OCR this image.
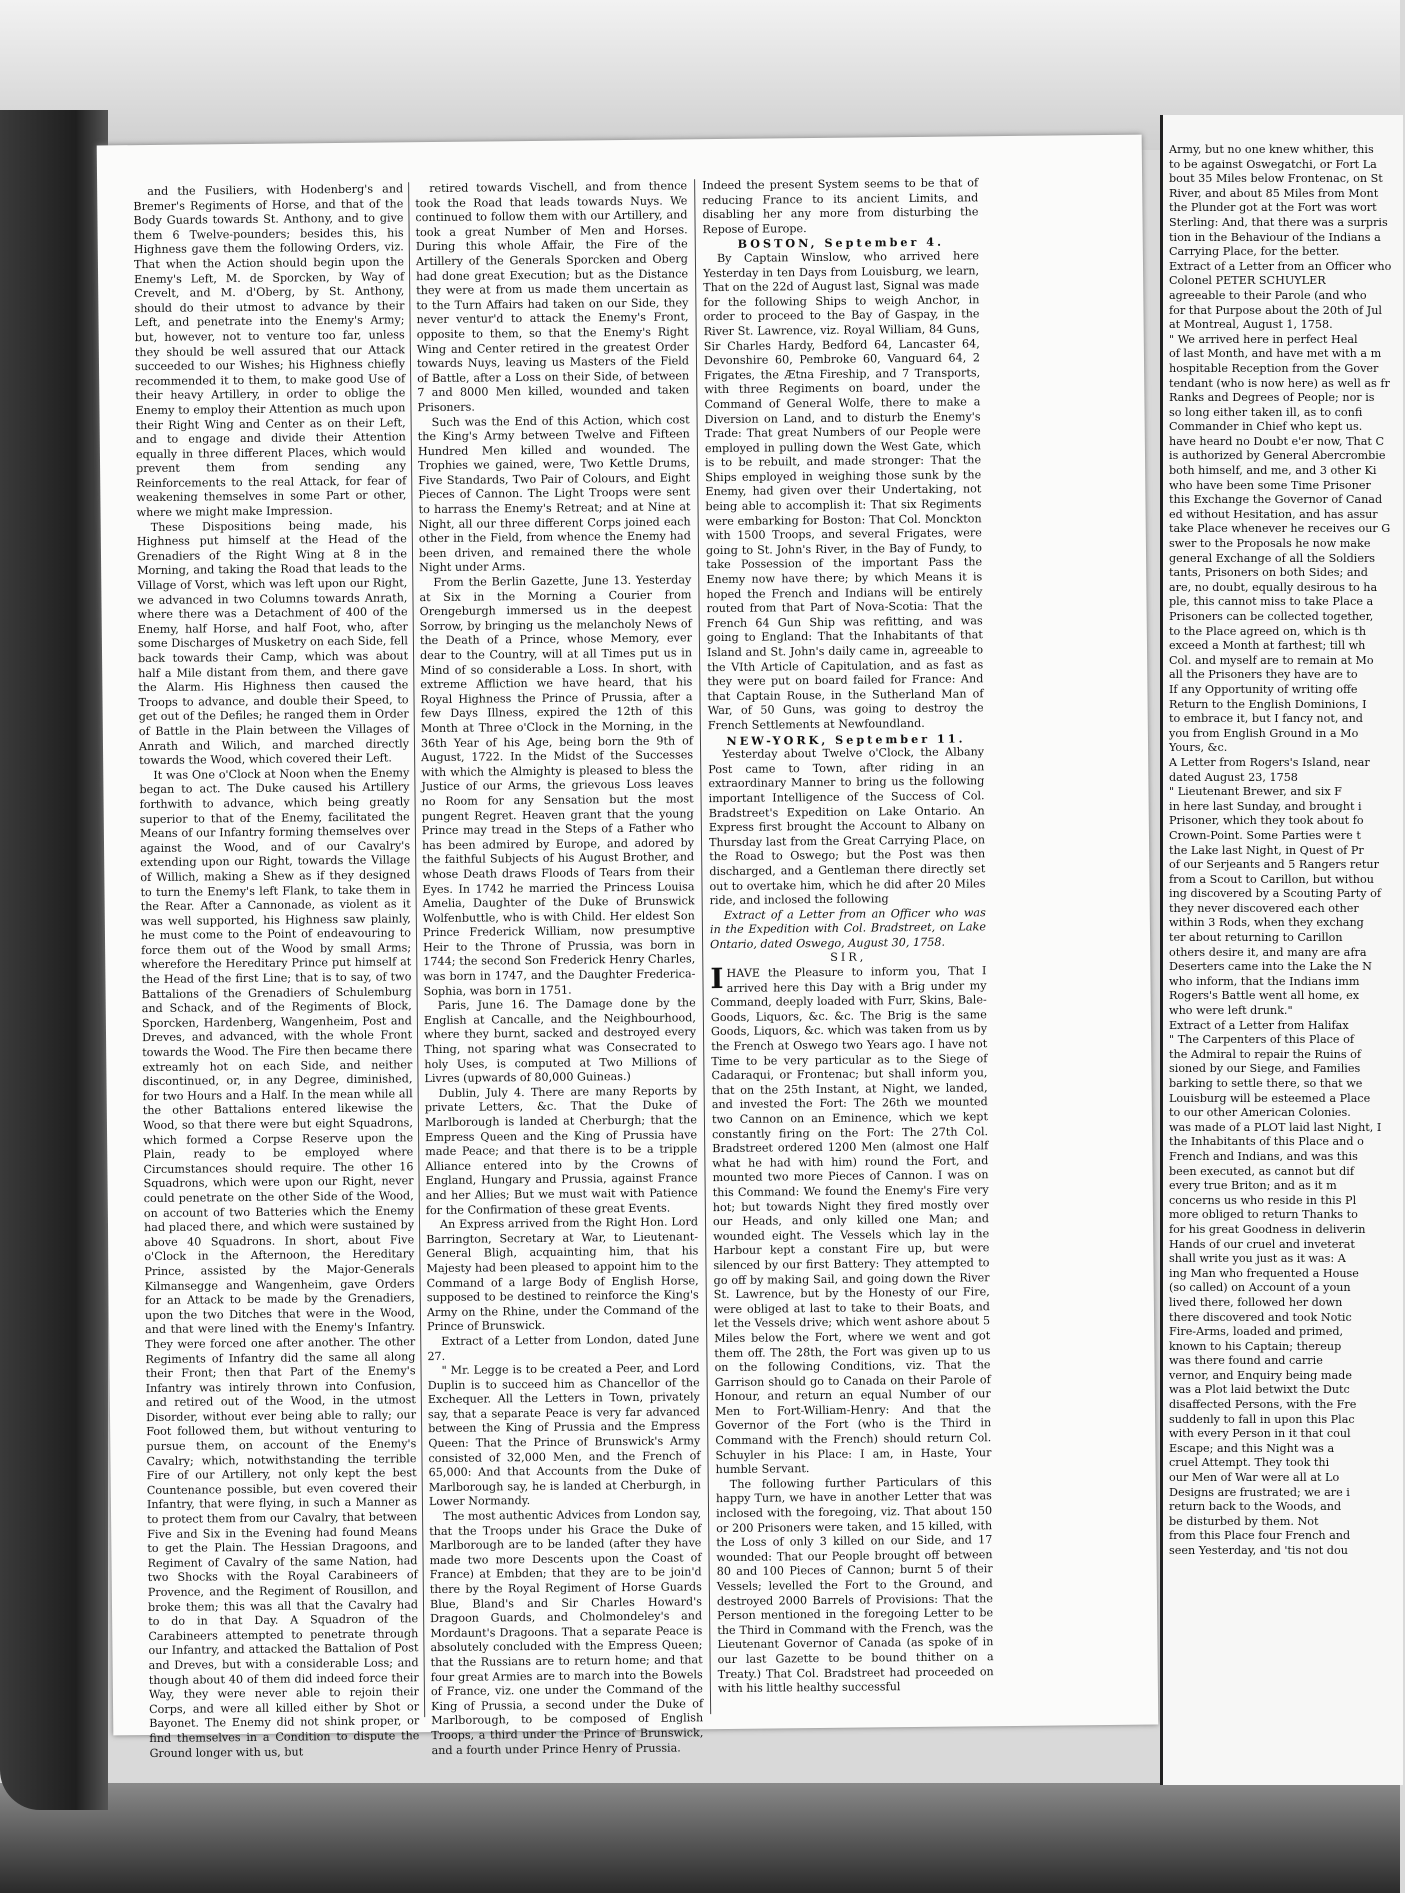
and the Fusiliers, with Hodenberg's and Bremer's Regiments of Horse, and that of the Body Guards towards St. Anthony, and to give them 6 Twelve-pounders; besides this, his Highness gave them the following Orders, viz. That when the Action should begin upon the Enemy's Left, M. de Sporcken, by Way of Crevelt, and M. d'Oberg, by St. Anthony, should do their utmost to advance by their Left, and penetrate into the Enemy's Army; but, however, not to venture too far, unless they should be well assured that our Attack succeeded to our Wishes; his Highness chiefly recommended it to them, to make good Use of their heavy Artillery, in order to oblige the Enemy to employ their Attention as much upon their Right Wing and Center as on their Left, and to engage and divide their Attention equally in three different Places, which would prevent them from sending any Reinforcements to the real Attack, for fear of weakening themselves in some Part or other, where we might make Impression.

These Dispositions being made, his Highness put himself at the Head of the Grenadiers of the Right Wing at 8 in the Morning, and taking the Road that leads to the Village of Vorst, which was left upon our Right, we advanced in two Columns towards Anrath, where there was a Detachment of 400 of the Enemy, half Horse, and half Foot, who, after some Discharges of Musketry on each Side, fell back towards their Camp, which was about half a Mile distant from them, and there gave the Alarm. His Highness then caused the Troops to advance, and double their Speed, to get out of the Defiles; he ranged them in Order of Battle in the Plain between the Villages of Anrath and Wilich, and marched directly towards the Wood, which covered their Left.

It was One o'Clock at Noon when the Enemy began to act. The Duke caused his Artillery forthwith to advance, which being greatly superior to that of the Enemy, facilitated the Means of our Infantry forming themselves over against the Wood, and of our Cavalry's extending upon our Right, towards the Village of Willich, making a Shew as if they designed to turn the Enemy's left Flank, to take them in the Rear. After a Cannonade, as violent as it was well supported, his Highness saw plainly, he must come to the Point of endeavouring to force them out of the Wood by small Arms; wherefore the Hereditary Prince put himself at the Head of the first Line; that is to say, of two Battalions of the Grenadiers of Schulemburg and Schack, and of the Regiments of Block, Sporcken, Hardenberg, Wangenheim, Post and Dreves, and advanced, with the whole Front towards the Wood. The Fire then became there extreamly hot on each Side, and neither discontinued, or, in any Degree, diminished, for two Hours and a Half. In the mean while all the other Battalions entered likewise the Wood, so that there were but eight Squadrons, which formed a Corpse Reserve upon the Plain, ready to be employed where Circumstances should require. The other 16 Squadrons, which were upon our Right, never could penetrate on the other Side of the Wood, on account of two Batteries which the Enemy had placed there, and which were sustained by above 40 Squadrons. In short, about Five o'Clock in the Afternoon, the Hereditary Prince, assisted by the Major-Generals Kilmansegge and Wangenheim, gave Orders for an Attack to be made by the Grenadiers, upon the two Ditches that were in the Wood, and that were lined with the Enemy's Infantry. They were forced one after another. The other Regiments of Infantry did the same all along their Front; then that Part of the Enemy's Infantry was intirely thrown into Confusion, and retired out of the Wood, in the utmost Disorder, without ever being able to rally; our Foot followed them, but without venturing to pursue them, on account of the Enemy's Cavalry; which, notwithstanding the terrible Fire of our Artillery, not only kept the best Countenance possible, but even covered their Infantry, that were flying, in such a Manner as to protect them from our Cavalry, that between Five and Six in the Evening had found Means to get the Plain. The Hessian Dragoons, and Regiment of Cavalry of the same Nation, had two Shocks with the Royal Carabineers of Provence, and the Regiment of Rousillon, and broke them; this was all that the Cavalry had to do in that Day. A Squadron of the Carabineers attempted to penetrate through our Infantry, and attacked the Battalion of Post and Dreves, but with a considerable Loss; and though about 40 of them did indeed force their Way, they were never able to rejoin their Corps, and were all killed either by Shot or Bayonet. The Enemy did not shink proper, or find themselves in a Condition to dispute the Ground longer with us, but

retired towards Vischell, and from thence took the Road that leads towards Nuys. We continued to follow them with our Artillery, and took a great Number of Men and Horses. During this whole Affair, the Fire of the Artillery of the Generals Sporcken and Oberg had done great Execution; but as the Distance they were at from us made them uncertain as to the Turn Affairs had taken on our Side, they never ventur'd to attack the Enemy's Front, opposite to them, so that the Enemy's Right Wing and Center retired in the greatest Order towards Nuys, leaving us Masters of the Field of Battle, after a Loss on their Side, of between 7 and 8000 Men killed, wounded and taken Prisoners.

Such was the End of this Action, which cost the King's Army between Twelve and Fifteen Hundred Men killed and wounded. The Trophies we gained, were, Two Kettle Drums, Five Standards, Two Pair of Colours, and Eight Pieces of Cannon. The Light Troops were sent to harrass the Enemy's Retreat; and at Nine at Night, all our three different Corps joined each other in the Field, from whence the Enemy had been driven, and remained there the whole Night under Arms.

From the Berlin Gazette, June 13. Yesterday at Six in the Morning a Courier from Orengeburgh immersed us in the deepest Sorrow, by bringing us the melancholy News of the Death of a Prince, whose Memory, ever dear to the Country, will at all Times put us in Mind of so considerable a Loss. In short, with extreme Affliction we have heard, that his Royal Highness the Prince of Prussia, after a few Days Illness, expired the 12th of this Month at Three o'Clock in the Morning, in the 36th Year of his Age, being born the 9th of August, 1722. In the Midst of the Successes with which the Almighty is pleased to bless the Justice of our Arms, the grievous Loss leaves no Room for any Sensation but the most pungent Regret. Heaven grant that the young Prince may tread in the Steps of a Father who has been admired by Europe, and adored by the faithful Subjects of his August Brother, and whose Death draws Floods of Tears from their Eyes. In 1742 he married the Princess Louisa Amelia, Daughter of the Duke of Brunswick Wolfenbuttle, who is with Child. Her eldest Son Prince Frederick William, now presumptive Heir to the Throne of Prussia, was born in 1744; the second Son Frederick Henry Charles, was born in 1747, and the Daughter Frederica-Sophia, was born in 1751.

Paris, June 16. The Damage done by the English at Cancalle, and the Neighbourhood, where they burnt, sacked and destroyed every Thing, not sparing what was Consecrated to holy Uses, is computed at Two Millions of Livres (upwards of 80,000 Guineas.)

Dublin, July 4. There are many Reports by private Letters, &c. That the Duke of Marlborough is landed at Cherburgh; that the Empress Queen and the King of Prussia have made Peace; and that there is to be a tripple Alliance entered into by the Crowns of England, Hungary and Prussia, against France and her Allies; But we must wait with Patience for the Confirmation of these great Events.

An Express arrived from the Right Hon. Lord Barrington, Secretary at War, to Lieutenant-General Bligh, acquainting him, that his Majesty had been pleased to appoint him to the Command of a large Body of English Horse, supposed to be destined to reinforce the King's Army on the Rhine, under the Command of the Prince of Brunswick.

Extract of a Letter from London, dated June 27.

" Mr. Legge is to be created a Peer, and Lord Duplin is to succeed him as Chancellor of the Exchequer. All the Letters in Town, privately say, that a separate Peace is very far advanced between the King of Prussia and the Empress Queen: That the Prince of Brunswick's Army consisted of 32,000 Men, and the French of 65,000: And that Accounts from the Duke of Marlborough say, he is landed at Cherburgh, in Lower Normandy.

The most authentic Advices from London say, that the Troops under his Grace the Duke of Marlborough are to be landed (after they have made two more Descents upon the Coast of France) at Embden; that they are to be join'd there by the Royal Regiment of Horse Guards Blue, Bland's and Sir Charles Howard's Dragoon Guards, and Cholmondeley's and Mordaunt's Dragoons. That a separate Peace is absolutely concluded with the Empress Queen; that the Russians are to return home; and that four great Armies are to march into the Bowels of France, viz. one under the Command of the King of Prussia, a second under the Duke of Marlborough, to be composed of English Troops, a third under the Prince of Brunswick, and a fourth under Prince Henry of Prussia.

Indeed the present System seems to be that of reducing France to its ancient Limits, and disabling her any more from disturbing the Repose of Europe.

BOSTON, September 4.

By Captain Winslow, who arrived here Yesterday in ten Days from Louisburg, we learn, That on the 22d of August last, Signal was made for the following Ships to weigh Anchor, in order to proceed to the Bay of Gaspay, in the River St. Lawrence, viz. Royal William, 84 Guns, Sir Charles Hardy, Bedford 64, Lancaster 64, Devonshire 60, Pembroke 60, Vanguard 64, 2 Frigates, the Ætna Fireship, and 7 Transports, with three Regiments on board, under the Command of General Wolfe, there to make a Diversion on Land, and to disturb the Enemy's Trade: That great Numbers of our People were employed in pulling down the West Gate, which is to be rebuilt, and made stronger: That the Ships employed in weighing those sunk by the Enemy, had given over their Undertaking, not being able to accomplish it: That six Regiments were embarking for Boston: That Col. Monckton with 1500 Troops, and several Frigates, were going to St. John's River, in the Bay of Fundy, to take Possession of the important Pass the Enemy now have there; by which Means it is hoped the French and Indians will be entirely routed from that Part of Nova-Scotia: That the French 64 Gun Ship was refitting, and was going to England: That the Inhabitants of that Island and St. John's daily came in, agreeable to the VIth Article of Capitulation, and as fast as they were put on board failed for France: And that Captain Rouse, in the Sutherland Man of War, of 50 Guns, was going to destroy the French Settlements at Newfoundland.

NEW-YORK, September 11.

Yesterday about Twelve o'Clock, the Albany Post came to Town, after riding in an extraordinary Manner to bring us the following important Intelligence of the Success of Col. Bradstreet's Expedition on Lake Ontario. An Express first brought the Account to Albany on Thursday last from the Great Carrying Place, on the Road to Oswego; but the Post was then discharged, and a Gentleman there directly set out to overtake him, which he did after 20 Miles ride, and inclosed the following

Extract of a Letter from an Officer who was in the Expedition with Col. Bradstreet, on Lake Ontario, dated Oswego, August 30, 1758.

SIR,

IHAVE the Pleasure to inform you, That I arrived here this Day with a Brig under my Command, deeply loaded with Furr, Skins, Bale-Goods, Liquors, &c. &c. The Brig is the same Goods, Liquors, &c. which was taken from us by the French at Oswego two Years ago. I have not Time to be very particular as to the Siege of Cadaraqui, or Frontenac; but shall inform you, that on the 25th Instant, at Night, we landed, and invested the Fort: The 26th we mounted two Cannon on an Eminence, which we kept constantly firing on the Fort: The 27th Col. Bradstreet ordered 1200 Men (almost one Half what he had with him) round the Fort, and mounted two more Pieces of Cannon. I was on this Command: We found the Enemy's Fire very hot; but towards Night they fired mostly over our Heads, and only killed one Man; and wounded eight. The Vessels which lay in the Harbour kept a constant Fire up, but were silenced by our first Battery: They attempted to go off by making Sail, and going down the River St. Lawrence, but by the Honesty of our Fire, were obliged at last to take to their Boats, and let the Vessels drive; which went ashore about 5 Miles below the Fort, where we went and got them off. The 28th, the Fort was given up to us on the following Conditions, viz. That the Garrison should go to Canada on their Parole of Honour, and return an equal Number of our Men to Fort-William-Henry: And that the Governor of the Fort (who is the Third in Command with the French) should return Col. Schuyler in his Place: I am, in Haste, Your humble Servant.

The following further Particulars of this happy Turn, we have in another Letter that was inclosed with the foregoing, viz. That about 150 or 200 Prisoners were taken, and 15 killed, with the Loss of only 3 killed on our Side, and 17 wounded: That our People brought off between 80 and 100 Pieces of Cannon; burnt 5 of their Vessels; levelled the Fort to the Ground, and destroyed 2000 Barrels of Provisions: That the Person mentioned in the foregoing Letter to be the Third in Command with the French, was the Lieutenant Governor of Canada (as spoke of in our last Gazette to be bound thither on a Treaty.) That Col. Bradstreet had proceeded on with his little healthy successful

Army, but no one knew whither, this

to be against Oswegatchi, or Fort La

bout 35 Miles below Frontenac, on St

River, and about 85 Miles from Mont

the Plunder got at the Fort was wort

Sterling: And, that there was a surpris

tion in the Behaviour of the Indians a

Carrying Place, for the better.

Extract of a Letter from an Officer who

Colonel PETER SCHUYLER

agreeable to their Parole (and who

for that Purpose about the 20th of Jul

at Montreal, August 1, 1758.

" We arrived here in perfect Heal

of last Month, and have met with a m

hospitable Reception from the Gover

tendant (who is now here) as well as fr

Ranks and Degrees of People; nor is

so long either taken ill, as to confi

Commander in Chief who kept us.

have heard no Doubt e'er now, That C

is authorized by General Abercrombie

both himself, and me, and 3 other Ki

who have been some Time Prisoner

this Exchange the Governor of Canad

ed without Hesitation, and has assur

take Place whenever he receives our G

swer to the Proposals he now make

general Exchange of all the Soldiers

tants, Prisoners on both Sides; and

are, no doubt, equally desirous to ha

ple, this cannot miss to take Place a

Prisoners can be collected together,

to the Place agreed on, which is th

exceed a Month at farthest; till wh

Col. and myself are to remain at Mo

all the Prisoners they have are to

If any Opportunity of writing offe

Return to the English Dominions, I

to embrace it, but I fancy not, and

you from English Ground in a Mo

Yours, &c.

A Letter from Rogers's Island, near

dated August 23, 1758

" Lieutenant Brewer, and six F

in here last Sunday, and brought i

Prisoner, which they took about fo

Crown-Point. Some Parties were t

the Lake last Night, in Quest of Pr

of our Serjeants and 5 Rangers retur

from a Scout to Carillon, but withou

ing discovered by a Scouting Party of

they never discovered each other

within 3 Rods, when they exchang

ter about returning to Carillon

others desire it, and many are afra

Deserters came into the Lake the N

who inform, that the Indians imm

Rogers's Battle went all home, ex

who were left drunk."

Extract of a Letter from Halifax

" The Carpenters of this Place of

the Admiral to repair the Ruins of

sioned by our Siege, and Families

barking to settle there, so that we

Louisburg will be esteemed a Place

to our other American Colonies.

was made of a PLOT laid last Night, I

the Inhabitants of this Place and o

French and Indians, and was this

been executed, as cannot but dif

every true Briton; and as it m

concerns us who reside in this Pl

more obliged to return Thanks to

for his great Goodness in deliverin

Hands of our cruel and inveterat

shall write you just as it was: A

ing Man who frequented a House

(so called) on Account of a youn

lived there, followed her down

there discovered and took Notic

Fire-Arms, loaded and primed,

known to his Captain; thereup

was there found and carrie

vernor, and Enquiry being made

was a Plot laid betwixt the Dutc

disaffected Persons, with the Fre

suddenly to fall in upon this Plac

with every Person in it that coul

Escape; and this Night was a

cruel Attempt. They took thi

our Men of War were all at Lo

Designs are frustrated; we are i

return back to the Woods, and

be disturbed by them. Not

from this Place four French and

seen Yesterday, and 'tis not dou
